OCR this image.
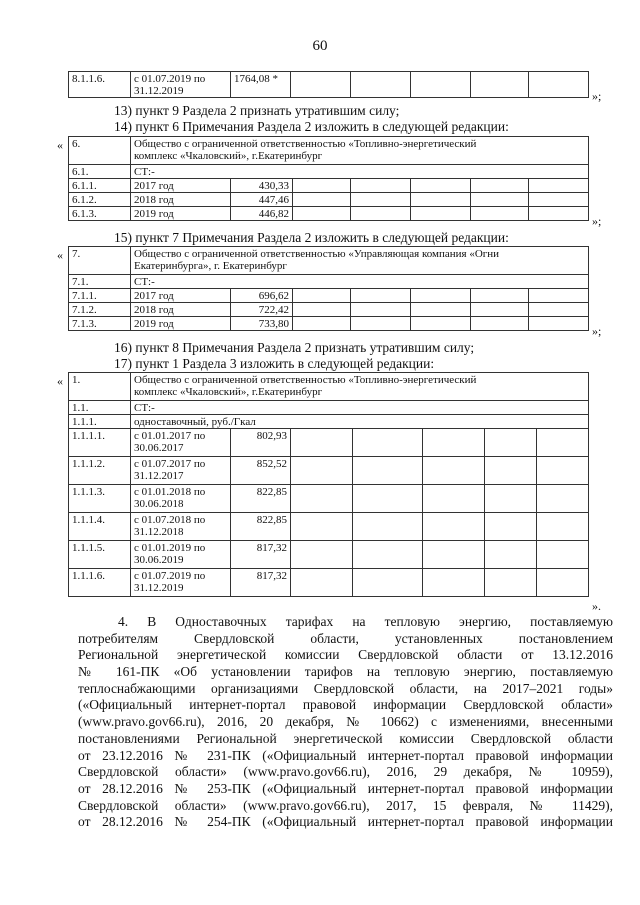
60
8.1.1.6.	с 01.07.2019 по
31.12.2019	1764,08 *					
»;
13) пункт 9 Раздела 2 признать утратившим силу;
14) пункт 6 Примечания Раздела 2 изложить в следующей редакции:
« 6.	Общество с ограниченной ответственностью «Топливно-энергетический
комплекс «Чкаловский», г.Екатеринбург						
6.1.	СТ:-						
6.1.1.	2017 год	430,33					
6.1.2.	2018 год	447,46					
6.1.3.	2019 год	446,82						»;
15) пункт 7 Примечания Раздела 2 изложить в следующей редакции:
« 7.	Общество с ограниченной ответственностью «Управляющая компания «Огни
Екатеринбурга», г. Екатеринбург						
7.1.	СТ:-						
7.1.1.	2017 год	696,62					
7.1.2.	2018 год	722,42					
7.1.3.	2019 год	733,80						»;
16) пункт 8 Примечания Раздела 2 признать утратившим силу;
17) пункт 1 Раздела 3 изложить в следующей редакции:
« 1.	Общество с ограниченной ответственностью «Топливно-энергетический
комплекс «Чкаловский», г.Екатеринбург						
1.1.	СТ:-						
1.1.1.	одноставочный, руб./Гкал						
1.1.1.1.	с 01.01.2017 по
30.06.2017	802,93					
1.1.1.2.	с 01.07.2017 по
31.12.2017	852,52					
1.1.1.3.	с 01.01.2018 по
30.06.2018	822,85					
1.1.1.4.	с 01.07.2018 по
31.12.2018	822,85					
1.1.1.5.	с 01.01.2019 по
30.06.2019	817,32					
1.1.1.6.	с 01.07.2019 по
31.12.2019	817,32					
».
4. В Одноставочных тарифах на тепловую энергию, поставляемую
потребителям Свердловской области, установленных постановлением
Региональной энергетической комиссии Свердловской области от 13.12.2016
№ 161-ПК «Об установлении тарифов на тепловую энергию, поставляемую
теплоснабжающими организациями Свердловской области, на 2017–2021 годы»
(«Официальный интернет-портал правовой информации Свердловской области»
(www.pravo.gov66.ru), 2016, 20 декабря, № 10662) с изменениями, внесенными
постановлениями Региональной энергетической комиссии Свердловской области
от 23.12.2016 № 231-ПК («Официальный интернет-портал правовой информации
Свердловской области» (www.pravo.gov66.ru), 2016, 29 декабря, № 10959),
от 28.12.2016 № 253-ПК («Официальный интернет-портал правовой информации
Свердловской области» (www.pravo.gov66.ru), 2017, 15 февраля, № 11429),
от 28.12.2016 № 254-ПК («Официальный интернет-портал правовой информации
